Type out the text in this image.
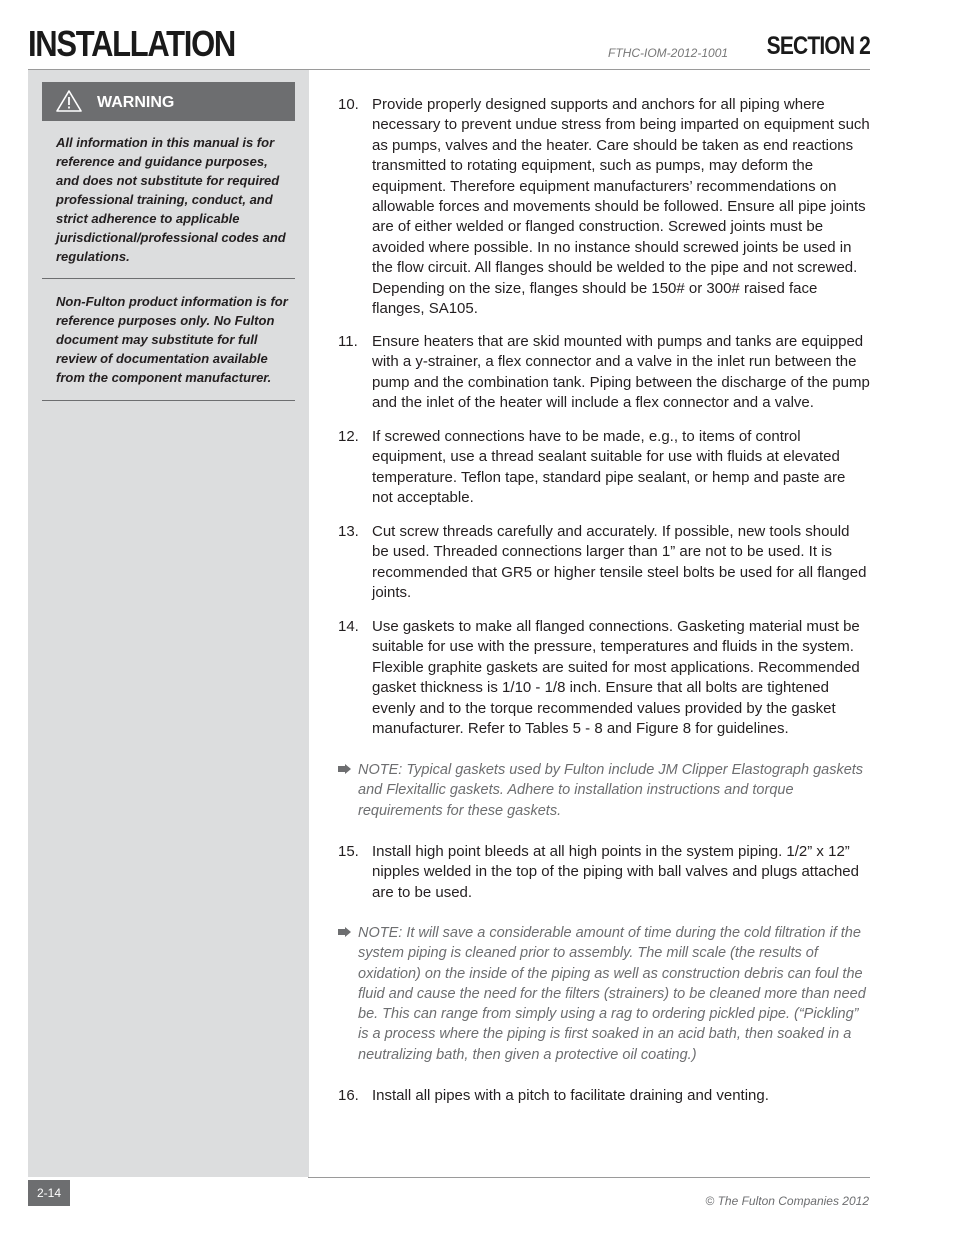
INSTALLATION	FTHC-IOM-2012-1001 SECTION 2
WARNING
All information in this manual is for reference and guidance purposes, and does not substitute for required professional training, conduct, and strict adherence to applicable jurisdictional/professional codes and regulations.
Non-Fulton product information is for reference purposes only. No Fulton document may substitute for full review of documentation available from the component manufacturer.
10. Provide properly designed supports and anchors for all piping where necessary to prevent undue stress from being imparted on equipment such as pumps, valves and the heater. Care should be taken as end reactions transmitted to rotating equipment, such as pumps, may deform the equipment. Therefore equipment manufacturers’ recommendations on allowable forces and movements should be followed. Ensure all pipe joints are of either welded or flanged construction. Screwed joints must be avoided where possible. In no instance should screwed joints be used in the flow circuit. All flanges should be welded to the pipe and not screwed. Depending on the size, flanges should be 150# or 300# raised face flanges, SA105.
11. Ensure heaters that are skid mounted with pumps and tanks are equipped with a y-strainer, a flex connector and a valve in the inlet run between the pump and the combination tank. Piping between the discharge of the pump and the inlet of the heater will include a flex connector and a valve.
12. If screwed connections have to be made, e.g., to items of control equipment, use a thread sealant suitable for use with fluids at elevated temperature. Teflon tape, standard pipe sealant, or hemp and paste are not acceptable.
13. Cut screw threads carefully and accurately. If possible, new tools should be used. Threaded connections larger than 1” are not to be used. It is recommended that GR5 or higher tensile steel bolts be used for all flanged joints.
14. Use gaskets to make all flanged connections. Gasketing material must be suitable for use with the pressure, temperatures and fluids in the system. Flexible graphite gaskets are suited for most applications. Recommended gasket thickness is 1/10 - 1/8 inch. Ensure that all bolts are tightened evenly and to the torque recommended values provided by the gasket manufacturer. Refer to Tables 5 - 8 and Figure 8 for guidelines.
NOTE: Typical gaskets used by Fulton include JM Clipper Elastograph gaskets and Flexitallic gaskets. Adhere to installation instructions and torque requirements for these gaskets.
15. Install high point bleeds at all high points in the system piping. 1/2” x 12” nipples welded in the top of the piping with ball valves and plugs attached are to be used.
NOTE: It will save a considerable amount of time during the cold filtration if the system piping is cleaned prior to assembly. The mill scale (the results of oxidation) on the inside of the piping as well as construction debris can foul the fluid and cause the need for the filters (strainers) to be cleaned more than need be. This can range from simply using a rag to ordering pickled pipe. (“Pickling” is a process where the piping is first soaked in an acid bath, then soaked in a neutralizing bath, then given a protective oil coating.)
16. Install all pipes with a pitch to facilitate draining and venting.
2-14
© The Fulton Companies 2012
